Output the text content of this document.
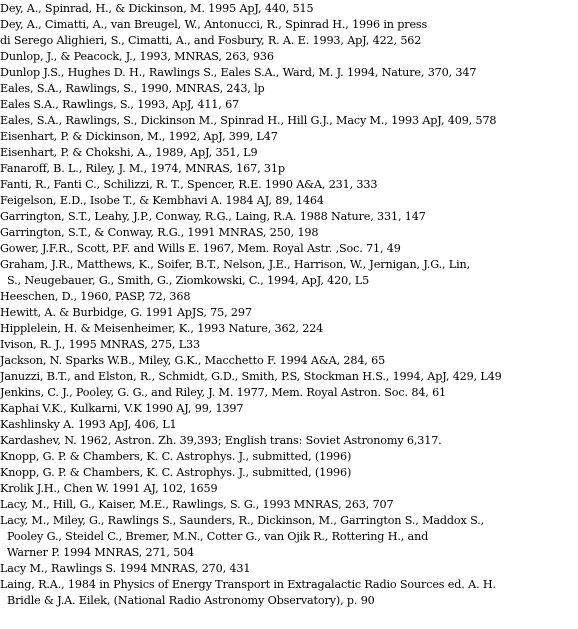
Dey, A., Spinrad, H., & Dickinson, M. 1995 ApJ, 440, 515
Dey, A., Cimatti, A., van Breugel, W., Antonucci, R., Spinrad H., 1996 in press
di Serego Alighieri, S., Cimatti, A., and Fosbury, R. A. E. 1993, ApJ, 422, 562
Dunlop, J., & Peacock, J., 1993, MNRAS, 263, 936
Dunlop J.S., Hughes D. H., Rawlings S., Eales S.A., Ward, M. J. 1994, Nature, 370, 347
Eales, S.A., Rawlings, S., 1990, MNRAS, 243, lp
Eales S.A., Rawlings, S., 1993, ApJ, 411, 67
Eales, S.A., Rawlings, S., Dickinson M., Spinrad H., Hill G.J., Macy M., 1993 ApJ, 409, 578
Eisenhart, P. & Dickinson, M., 1992, ApJ, 399, L47
Eisenhart, P. & Chokshi, A., 1989, ApJ, 351, L9
Fanaroff, B. L., Riley, J. M., 1974, MNRAS, 167, 31p
Fanti, R., Fanti C., Schilizzi, R. T., Spencer, R.E. 1990 A&A, 231, 333
Feigelson, E.D., Isobe T., & Kembhavi A. 1984 AJ, 89, 1464
Garrington, S.T., Leahy, J.P., Conway, R.G., Laing, R.A. 1988 Nature, 331, 147
Garrington, S.T., & Conway, R.G., 1991 MNRAS, 250, 198
Gower, J.F.R., Scott, P.F. and Wills E. 1967, Mem. Royal Astr. ,Soc. 71, 49
Graham, J.R., Matthews, K., Soifer, B.T., Nelson, J.E., Harrison, W., Jernigan, J.G., Lin,
S., Neugebauer, G., Smith, G., Ziomkowski, C., 1994, ApJ, 420, L5
Heeschen, D., 1960, PASP, 72, 368
Hewitt, A. & Burbidge, G. 1991 ApJS, 75, 297
Hipplelein, H. & Meisenheimer, K., 1993 Nature, 362, 224
Ivison, R. J., 1995 MNRAS, 275, L33
Jackson, N. Sparks W.B., Miley, G.K., Macchetto F. 1994 A&A, 284, 65
Januzzi, B.T., and Elston, R., Schmidt, G.D., Smith, P.S, Stockman H.S., 1994, ApJ, 429, L49
Jenkins, C. J., Pooley, G. G., and Riley, J. M. 1977, Mem. Royal Astron. Soc. 84, 61
Kaphai V.K., Kulkarni, V.K 1990 AJ, 99, 1397
Kashlinsky A. 1993 ApJ, 406, L1
Kardashev, N. 1962, Astron. Zh. 39,393; English trans: Soviet Astronomy 6,317.
Knopp, G. P. & Chambers, K. C. Astrophys. J., submitted, (1996)
Knopp, G. P. & Chambers, K. C. Astrophys. J., submitted, (1996)
Krolik J.H., Chen W. 1991 AJ, 102, 1659
Lacy, M., Hill, G., Kaiser, M.E., Rawlings, S. G., 1993 MNRAS, 263, 707
Lacy, M., Miley, G., Rawlings S., Saunders, R., Dickinson, M., Garrington S., Maddox S.,
Pooley G., Steidel C., Bremer, M.N., Cotter G., van Ojik R., Rottering H., and
Warner P. 1994 MNRAS, 271, 504
Lacy M., Rawlings S. 1994 MNRAS, 270, 431
Laing, R.A., 1984 in Physics of Energy Transport in Extragalactic Radio Sources ed. A. H.
Bridle & J.A. Eilek, (National Radio Astronomy Observatory), p. 90
